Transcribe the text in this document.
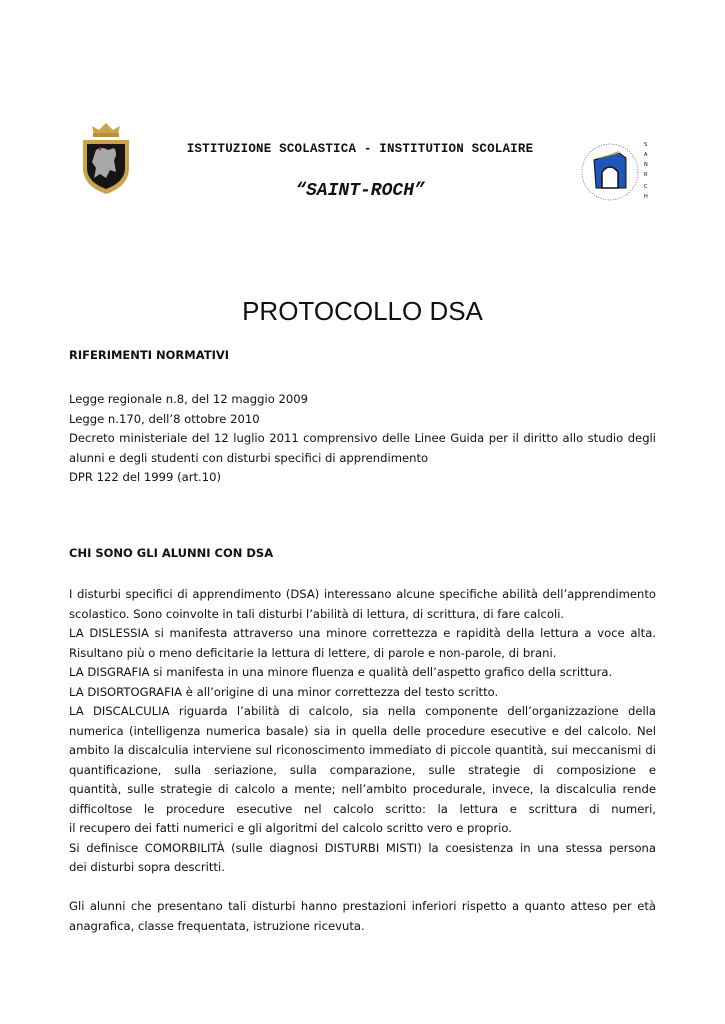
ISTITUZIONE SCOLASTICA - INSTITUTION SCOLAIRE
“SAINT-ROCH”
S
A
N
R
C
H
PROTOCOLLO DSA
RIFERIMENTI NORMATIVI
Legge regionale n.8, del 12 maggio 2009
Legge n.170, dell’8 ottobre 2010
Decreto ministeriale del 12 luglio 2011 comprensivo delle Linee Guida per il diritto allo studio degli
alunni e degli studenti con disturbi specifici di apprendimento
DPR 122 del 1999 (art.10)
CHI SONO GLI ALUNNI CON DSA
I disturbi specifici di apprendimento (DSA) interessano alcune specifiche abilità dell’apprendimento
scolastico. Sono coinvolte in tali disturbi l’abilità di lettura, di scrittura, di fare calcoli.
LA DISLESSIA si manifesta attraverso una minore correttezza e rapidità della lettura a voce alta.
Risultano più o meno deficitarie la lettura di lettere, di parole e non-parole, di brani.
LA DISGRAFIA si manifesta in una minore fluenza e qualità dell’aspetto grafico della scrittura.
LA DISORTOGRAFIA è all’origine di una minor correttezza del testo scritto.
LA DISCALCULIA riguarda l’abilità di calcolo, sia nella componente dell’organizzazione della
numerica (intelligenza numerica basale) sia in quella delle procedure esecutive e del calcolo. Nel
ambito la discalculia interviene sul riconoscimento immediato di piccole quantità, sui meccanismi di
quantificazione, sulla seriazione, sulla comparazione, sulle strategie di composizione e
quantità, sulle strategie di calcolo a mente; nell’ambito procedurale, invece, la discalculia rende
difficoltose le procedure esecutive nel calcolo scritto: la lettura e scrittura di numeri,
il recupero dei fatti numerici e gli algoritmi del calcolo scritto vero e proprio.
Si definisce COMORBILITÀ (sulle diagnosi DISTURBI MISTI) la coesistenza in una stessa persona
dei disturbi sopra descritti.
Gli alunni che presentano tali disturbi hanno prestazioni inferiori rispetto a quanto atteso per età
anagrafica, classe frequentata, istruzione ricevuta.
